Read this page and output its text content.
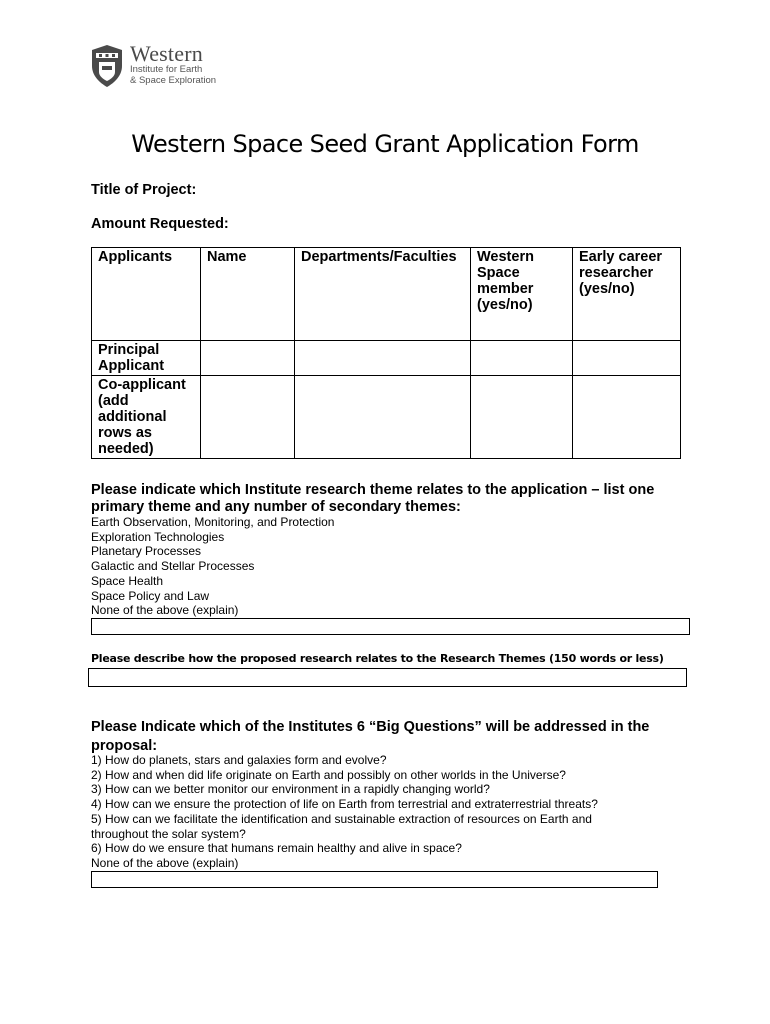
Western
Institute for Earth
& Space Exploration
Western Space Seed Grant Application Form
Title of Project:
Amount Requested:
Applicants	Name	Departments/Faculties	Western Space member (yes/no)	Early career researcher (yes/no)
Principal Applicant				
Co-applicant (add additional rows as needed)				
Please indicate which Institute research theme relates to the application – list one primary theme and any number of secondary themes:
Earth Observation, Monitoring, and Protection
Exploration Technologies
Planetary Processes
Galactic and Stellar Processes
Space Health
Space Policy and Law
None of the above (explain)
Please describe how the proposed research relates to the Research Themes (150 words or less)
Please Indicate which of the Institutes 6 “Big Questions” will be addressed in the proposal:
1) How do planets, stars and galaxies form and evolve?
2) How and when did life originate on Earth and possibly on other worlds in the Universe?
3) How can we better monitor our environment in a rapidly changing world?
4) How can we ensure the protection of life on Earth from terrestrial and extraterrestrial threats?
5) How can we facilitate the identification and sustainable extraction of resources on Earth and throughout the solar system?
6) How do we ensure that humans remain healthy and alive in space?
None of the above (explain)
